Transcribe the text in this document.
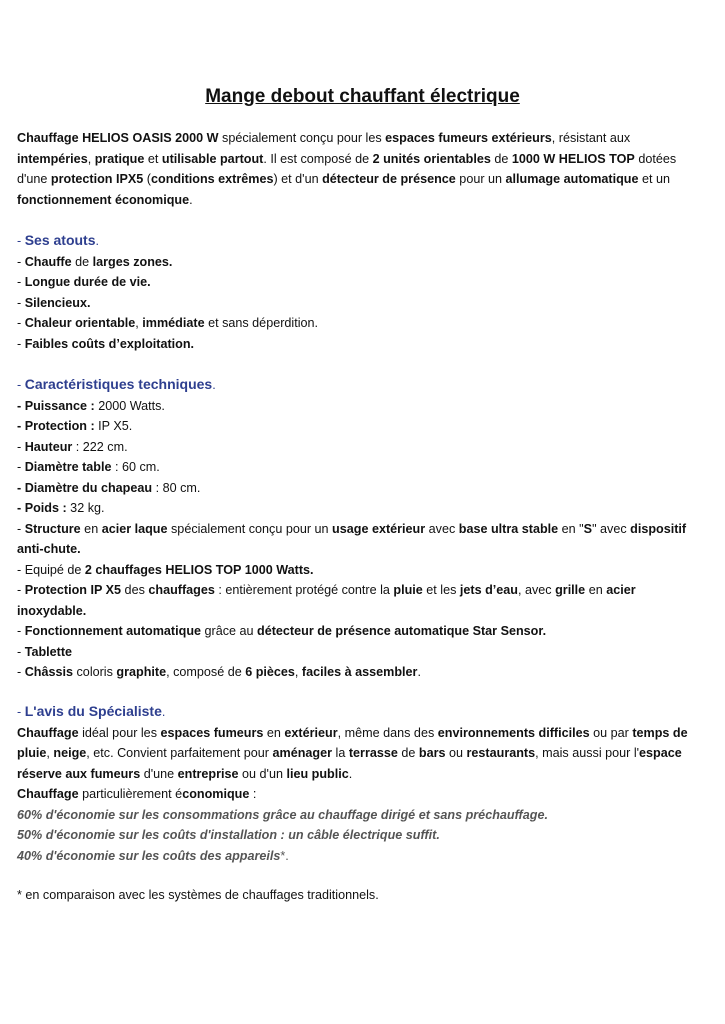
Mange debout chauffant électrique
Chauffage HELIOS OASIS 2000 W spécialement conçu pour les espaces fumeurs extérieurs, résistant aux
intempéries, pratique et utilisable partout. Il est composé de 2 unités orientables de 1000 W HELIOS TOP dotées
d'une protection IPX5 (conditions extrêmes) et d'un détecteur de présence pour un allumage automatique et un
fonctionnement économique.
- Ses atouts.
- Chauffe de larges zones.
- Longue durée de vie.
- Silencieux.
- Chaleur orientable, immédiate et sans déperdition.
- Faibles coûts d’exploitation.
- Caractéristiques techniques.
- Puissance : 2000 Watts.
- Protection : IP X5.
- Hauteur : 222 cm.
- Diamètre table : 60 cm.
- Diamètre du chapeau : 80 cm.
- Poids : 32 kg.
- Structure en acier laque spécialement conçu pour un usage extérieur avec base ultra stable en "S" avec dispositif
anti-chute.
- Equipé de 2 chauffages HELIOS TOP 1000 Watts.
- Protection IP X5 des chauffages : entièrement protégé contre la pluie et les jets d’eau, avec grille en acier
inoxydable.
- Fonctionnement automatique grâce au détecteur de présence automatique Star Sensor.
- Tablette
- Châssis coloris graphite, composé de 6 pièces, faciles à assembler.
- L'avis du Spécialiste.
Chauffage idéal pour les espaces fumeurs en extérieur, même dans des environnements difficiles ou par temps de
pluie, neige, etc. Convient parfaitement pour aménager la terrasse de bars ou restaurants, mais aussi pour l'espace
réserve aux fumeurs d'une entreprise ou d'un lieu public.
Chauffage particulièrement économique :
60% d'économie sur les consommations grâce au chauffage dirigé et sans préchauffage.
50% d'économie sur les coûts d'installation : un câble électrique suffit.
40% d'économie sur les coûts des appareils*.
* en comparaison avec les systèmes de chauffages traditionnels.
